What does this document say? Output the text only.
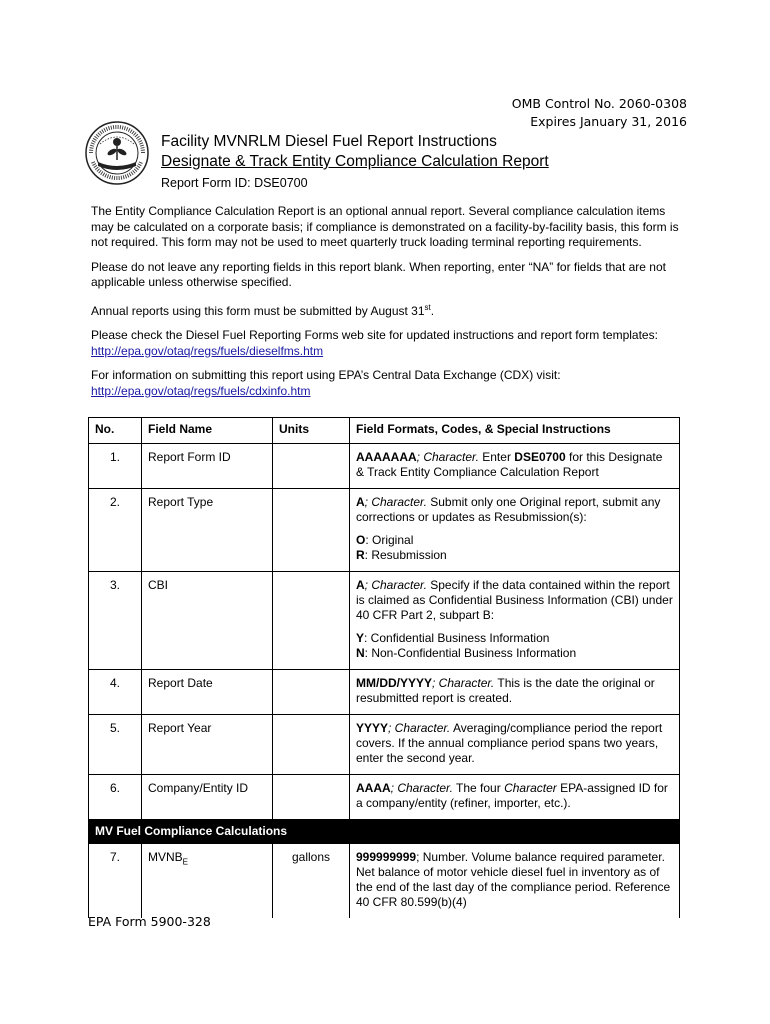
OMB Control No. 2060-0308
Expires January 31, 2016
Facility MVNRLM Diesel Fuel Report Instructions
Designate & Track Entity Compliance Calculation Report
Report Form ID: DSE0700

The Entity Compliance Calculation Report is an optional annual report. Several compliance calculation items may be calculated on a corporate basis; if compliance is demonstrated on a facility-by-facility basis, this form is not required. This form may not be used to meet quarterly truck loading terminal reporting requirements.

Please do not leave any reporting fields in this report blank. When reporting, enter “NA” for fields that are not applicable unless otherwise specified.

Annual reports using this form must be submitted by August 31st.

Please check the Diesel Fuel Reporting Forms web site for updated instructions and report form templates: http://epa.gov/otaq/regs/fuels/dieselfms.htm

For information on submitting this report using EPA’s Central Data Exchange (CDX) visit: http://epa.gov/otaq/regs/fuels/cdxinfo.htm

No.	Field Name	Units	Field Formats, Codes, & Special Instructions
1.	Report Form ID		AAAAAAA; Character. Enter DSE0700 for this Designate & Track Entity Compliance Calculation Report
2.	Report Type		A; Character. Submit only one Original report, submit any corrections or updates as Resubmission(s):
O: Original
R: Resubmission

3.	CBI		A; Character. Specify if the data contained within the report is claimed as Confidential Business Information (CBI) under 40 CFR Part 2, subpart B:
Y: Confidential Business Information
N: Non-Confidential Business Information

4.	Report Date		MM/DD/YYYY; Character. This is the date the original or resubmitted report is created.
5.	Report Year		YYYY; Character. Averaging/compliance period the report covers. If the annual compliance period spans two years, enter the second year.
6.	Company/Entity ID		AAAA; Character. The four Character EPA-assigned ID for a company/entity (refiner, importer, etc.).
MV Fuel Compliance Calculations			
7.	$MVNB_E$	gallons	999999999; Number. Volume balance required parameter. Net balance of motor vehicle diesel fuel in inventory as of the end of the last day of the compliance period. Reference 40 CFR 80.599(b)(4)
EPA Form 5900-328
